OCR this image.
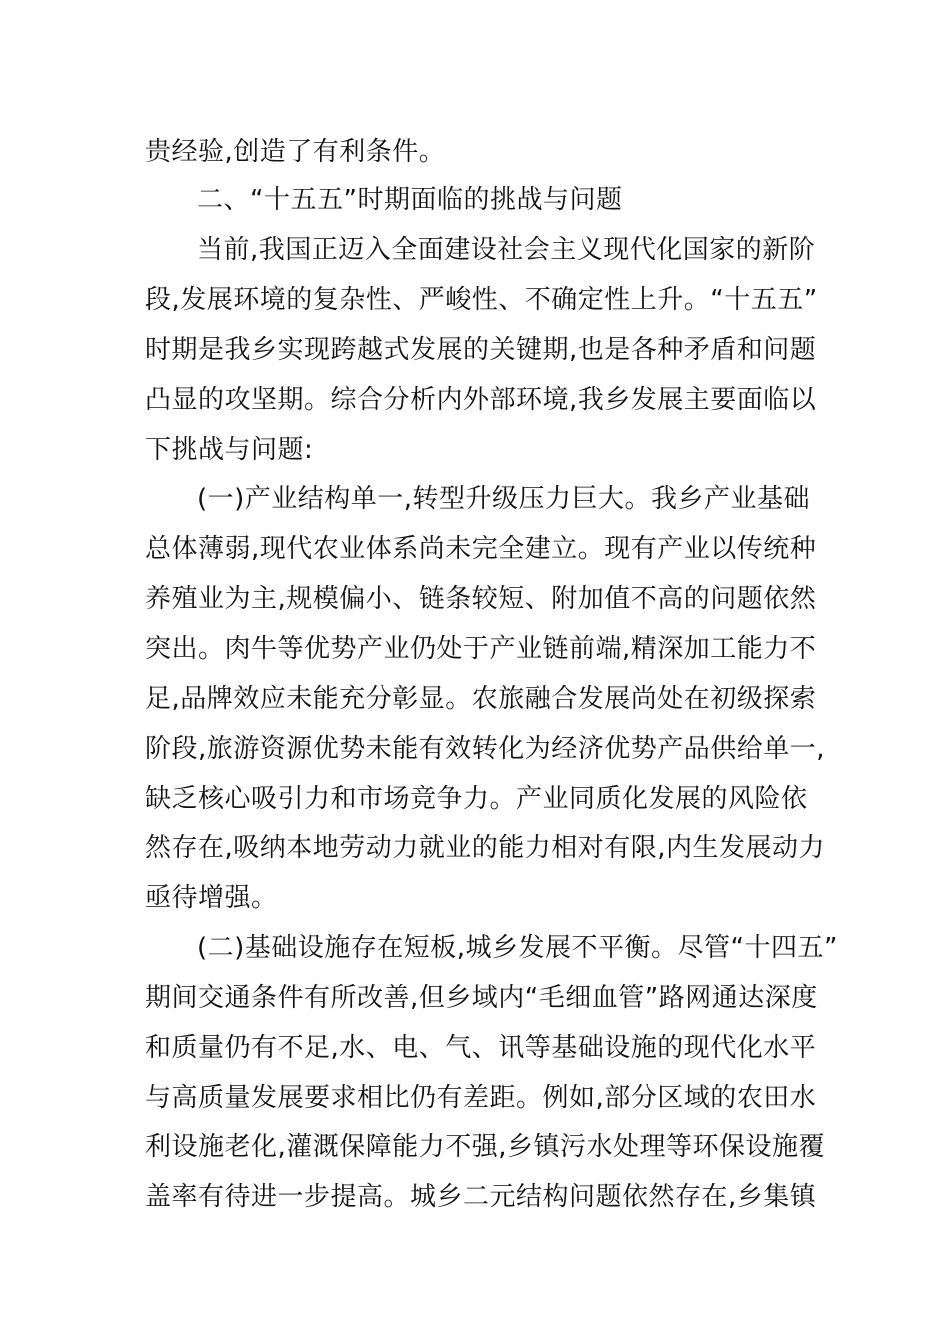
贵经验,创造了有利条件。
二、“十五五”时期面临的挑战与问题
当前,我国正迈入全面建设社会主义现代化国家的新阶
段,发展环境的复杂性、严峻性、不确定性上升。“十五五”
时期是我乡实现跨越式发展的关键期,也是各种矛盾和问题
凸显的攻坚期。综合分析内外部环境,我乡发展主要面临以
下挑战与问题:
(一)产业结构单一,转型升级压力巨大。我乡产业基础
总体薄弱,现代农业体系尚未完全建立。现有产业以传统种
养殖业为主,规模偏小、链条较短、附加值不高的问题依然
突出。肉牛等优势产业仍处于产业链前端,精深加工能力不
足,品牌效应未能充分彰显。农旅融合发展尚处在初级探索
阶段,旅游资源优势未能有效转化为经济优势产品供给单一,
缺乏核心吸引力和市场竞争力。产业同质化发展的风险依
然存在,吸纳本地劳动力就业的能力相对有限,内生发展动力
亟待增强。
(二)基础设施存在短板,城乡发展不平衡。尽管“十四五”
期间交通条件有所改善,但乡域内“毛细血管”路网通达深度
和质量仍有不足,水、电、气、讯等基础设施的现代化水平
与高质量发展要求相比仍有差距。例如,部分区域的农田水
利设施老化,灌溉保障能力不强,乡镇污水处理等环保设施覆
盖率有待进一步提高。城乡二元结构问题依然存在,乡集镇
